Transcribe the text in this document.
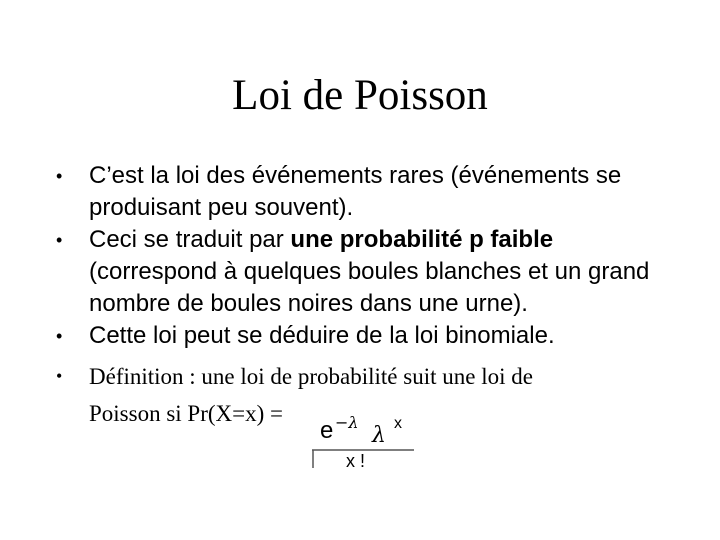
Loi de Poisson
•	C’est la loi des événements rares (événements se produisant peu souvent).
•	Ceci se traduit par une probabilité p faible (correspond à quelques boules blanches et un grand nombre de boules noires dans une urne).
•	Cette loi peut se déduire de la loi binomiale.
•	Définition : une loi de probabilité suit une loi de
Poisson si Pr(X=x) =
e −λ
λ x
x !
